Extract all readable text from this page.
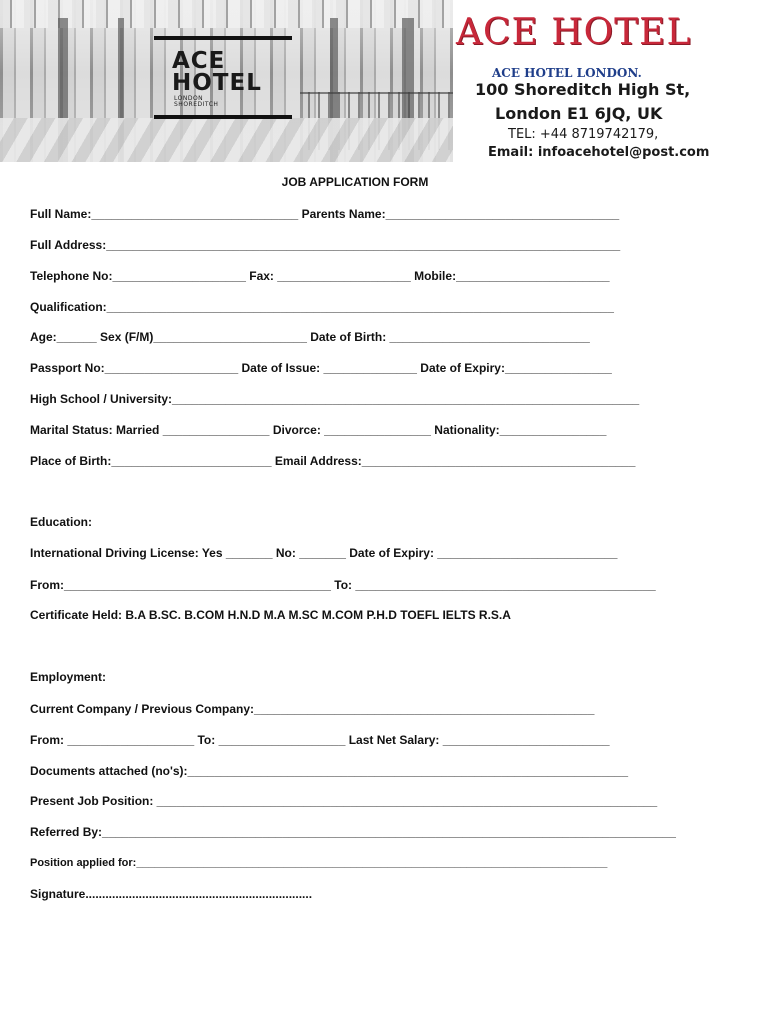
ACE
HOTEL
LONDON
SHOREDITCH
ACE HOTEL
ACE HOTEL LONDON.
100 Shoreditch High St,
London E1 6JQ, UK
TEL: +44 8719742179,
Email: infoacehotel@post.com
JOB APPLICATION FORM
Full Name:_______________________________ Parents Name:___________________________________
Full Address:_____________________________________________________________________________
Telephone No:____________________ Fax: ____________________ Mobile:_______________________
Qualification:____________________________________________________________________________
Age:______ Sex (F/M)_______________________ Date of Birth: ______________________________
Passport No:____________________ Date of Issue: ______________ Date of Expiry:________________
High School / University:______________________________________________________________________
Marital Status: Married ________________ Divorce: ________________ Nationality:________________
Place of Birth:________________________ Email Address:_________________________________________
Education:
International Driving License: Yes _______ No: _______ Date of Expiry: ___________________________
From:________________________________________ To: _____________________________________________
Certificate Held: B.A B.SC. B.COM H.N.D M.A M.SC M.COM P.H.D TOEFL IELTS R.S.A
Employment:
Current Company / Previous Company:___________________________________________________
From: ___________________ To: ___________________ Last Net Salary: _________________________
Documents attached (no's):__________________________________________________________________
Present Job Position: ___________________________________________________________________________
Referred By:______________________________________________________________________________________
Position applied for:_____________________________________________________________________________
Signature....................................................................
